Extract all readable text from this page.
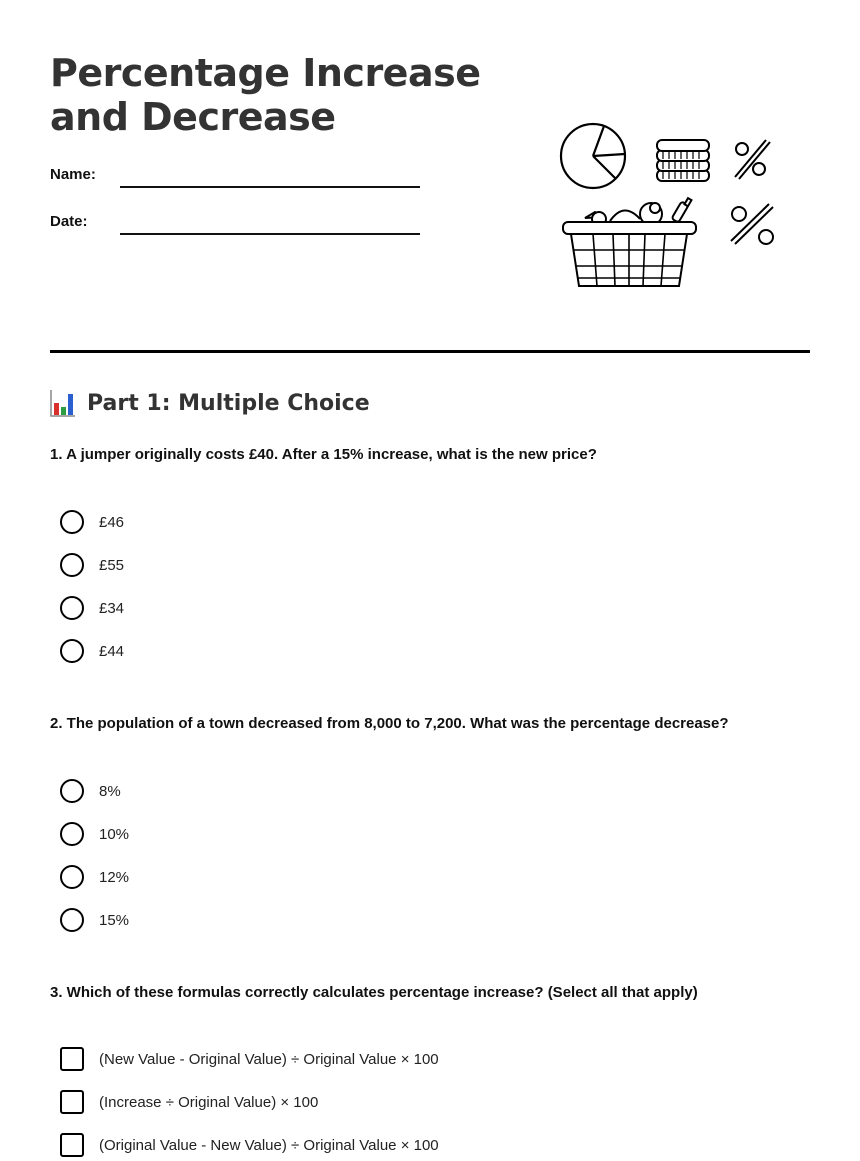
Percentage Increase and Decrease
Name:
Date:
Part 1: Multiple Choice

1. A jumper originally costs £40. After a 15% increase, what is the new price?

£46
£55
£34
£44

2. The population of a town decreased from 8,000 to 7,200. What was the percentage decrease?

8%
10%
12%
15%

3. Which of these formulas correctly calculates percentage increase? (Select all that apply)

(New Value - Original Value) ÷ Original Value × 100
(Increase ÷ Original Value) × 100
(Original Value - New Value) ÷ Original Value × 100
